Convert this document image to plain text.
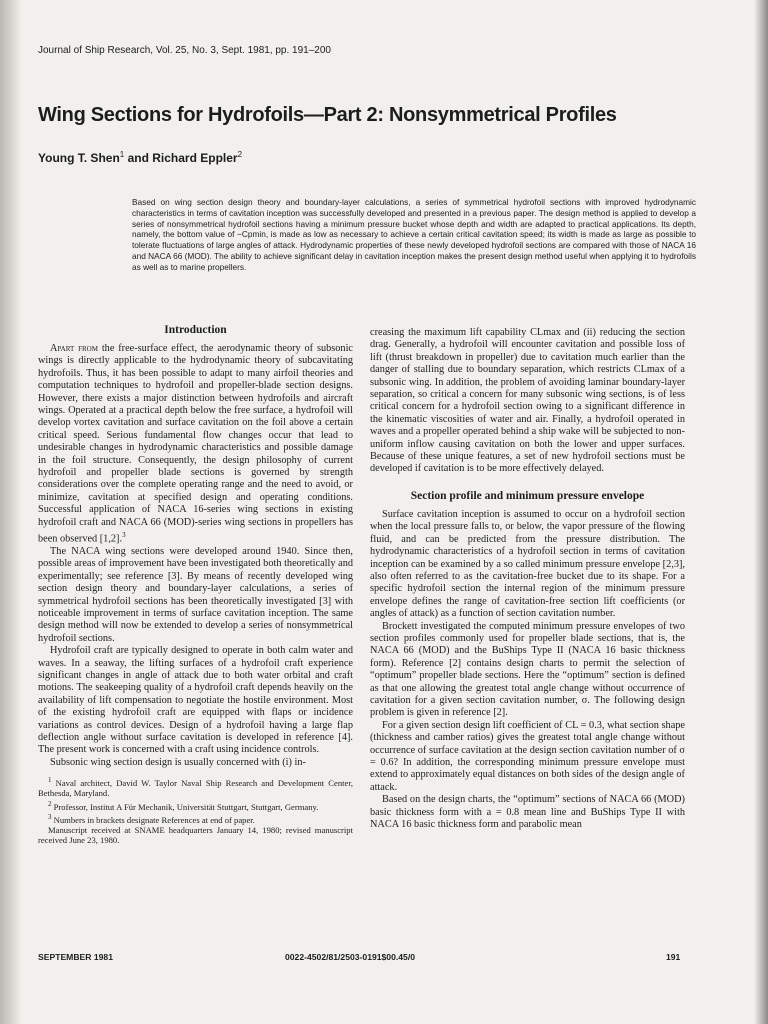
Journal of Ship Research, Vol. 25, No. 3, Sept. 1981, pp. 191–200
Wing Sections for Hydrofoils—Part 2: Nonsymmetrical Profiles
Young T. Shen$^1$ and Richard Eppler$^2$
Based on wing section design theory and boundary-layer calculations, a series of symmetrical hydrofoil sections with improved hydrodynamic characteristics in terms of cavitation inception was successfully developed and presented in a previous paper. The design method is applied to develop a series of nonsymmetrical hydrofoil sections having a minimum pressure bucket whose depth and width are adapted to practical applications. Its depth, namely, the bottom value of −Cpmin, is made as low as necessary to achieve a certain critical cavitation speed; its width is made as large as possible to tolerate fluctuations of large angles of attack. Hydrodynamic properties of these newly developed hydrofoil sections are compared with those of NACA 16 and NACA 66 (MOD). The ability to achieve significant delay in cavitation inception makes the present design method useful when applying it to hydrofoils as well as to marine propellers.
Introduction

Apart from the free-surface effect, the aerodynamic theory of subsonic wings is directly applicable to the hydrodynamic theory of subcavitating hydrofoils. Thus, it has been possible to adapt to many airfoil theories and computation techniques to hydrofoil and propeller-blade section designs. However, there exists a major distinction between hydrofoils and aircraft wings. Operated at a practical depth below the free surface, a hydrofoil will develop vortex cavitation and surface cavitation on the foil above a certain critical speed. Serious fundamental flow changes occur that lead to undesirable changes in hydrodynamic characteristics and possible damage in the foil structure. Consequently, the design philosophy of current hydrofoil and propeller blade sections is governed by strength considerations over the complete operating range and the need to avoid, or minimize, cavitation at specified design and operating conditions. Successful application of NACA 16-series wing sections in existing hydrofoil craft and NACA 66 (MOD)-series wing sections in propellers has been observed [1,2].$^3$

The NACA wing sections were developed around 1940. Since then, possible areas of improvement have been investigated both theoretically and experimentally; see reference [3]. By means of recently developed wing section design theory and boundary-layer calculations, a series of symmetrical hydrofoil sections has been theoretically investigated [3] with noticeable improvement in terms of surface cavitation inception. The same design method will now be extended to develop a series of nonsymmetrical hydrofoil sections.

Hydrofoil craft are typically designed to operate in both calm water and waves. In a seaway, the lifting surfaces of a hydrofoil craft experience significant changes in angle of attack due to both water orbital and craft motions. The seakeeping quality of a hydrofoil craft depends heavily on the availability of lift compensation to negotiate the hostile environment. Most of the existing hydrofoil craft are equipped with flaps or incidence variations as control devices. Design of a hydrofoil having a large flap deflection angle without surface cavitation is developed in reference [4]. The present work is concerned with a craft using incidence controls.

Subsonic wing section design is usually concerned with (i) in-

$^1$ Naval architect, David W. Taylor Naval Ship Research and Development Center, Bethesda, Maryland.

$^2$ Professor, Institut A Für Mechanik, Universität Stuttgart, Stuttgart, Germany.

$^3$ Numbers in brackets designate References at end of paper.

Manuscript received at SNAME headquarters January 14, 1980; revised manuscript received June 23, 1980.

creasing the maximum lift capability CLmax and (ii) reducing the section drag. Generally, a hydrofoil will encounter cavitation and possible loss of lift (thrust breakdown in propeller) due to cavitation much earlier than the danger of stalling due to boundary separation, which restricts CLmax of a subsonic wing. In addition, the problem of avoiding laminar boundary-layer separation, so critical a concern for many subsonic wing sections, is of less critical concern for a hydrofoil section owing to a significant difference in the kinematic viscosities of water and air. Finally, a hydrofoil operated in waves and a propeller operated behind a ship wake will be subjected to non-uniform inflow causing cavitation on both the lower and upper surfaces. Because of these unique features, a set of new hydrofoil sections must be developed if cavitation is to be more effectively delayed.

Section profile and minimum pressure envelope

Surface cavitation inception is assumed to occur on a hydrofoil section when the local pressure falls to, or below, the vapor pressure of the flowing fluid, and can be predicted from the pressure distribution. The hydrodynamic characteristics of a hydrofoil section in terms of cavitation inception can be examined by a so called minimum pressure envelope [2,3], also often referred to as the cavitation-free bucket due to its shape. For a specific hydrofoil section the internal region of the minimum pressure envelope defines the range of cavitation-free section lift coefficients (or angles of attack) as a function of section cavitation number.

Brockett investigated the computed minimum pressure envelopes of two section profiles commonly used for propeller blade sections, that is, the NACA 66 (MOD) and the BuShips Type II (NACA 16 basic thickness form). Reference [2] contains design charts to permit the selection of “optimum” propeller blade sections. Here the “optimum” section is defined as that one allowing the greatest total angle change without occurrence of cavitation for a given section cavitation number, σ. The following design problem is given in reference [2].

For a given section design lift coefficient of CL = 0.3, what section shape (thickness and camber ratios) gives the greatest total angle change without occurrence of surface cavitation at the design section cavitation number of σ = 0.6? In addition, the corresponding minimum pressure envelope must extend to approximately equal distances on both sides of the design angle of attack.

Based on the design charts, the “optimum” sections of NACA 66 (MOD) basic thickness form with a = 0.8 mean line and BuShips Type II with NACA 16 basic thickness form and parabolic mean

SEPTEMBER 1981	0022-4502/81/2503-0191$00.45/0	191
